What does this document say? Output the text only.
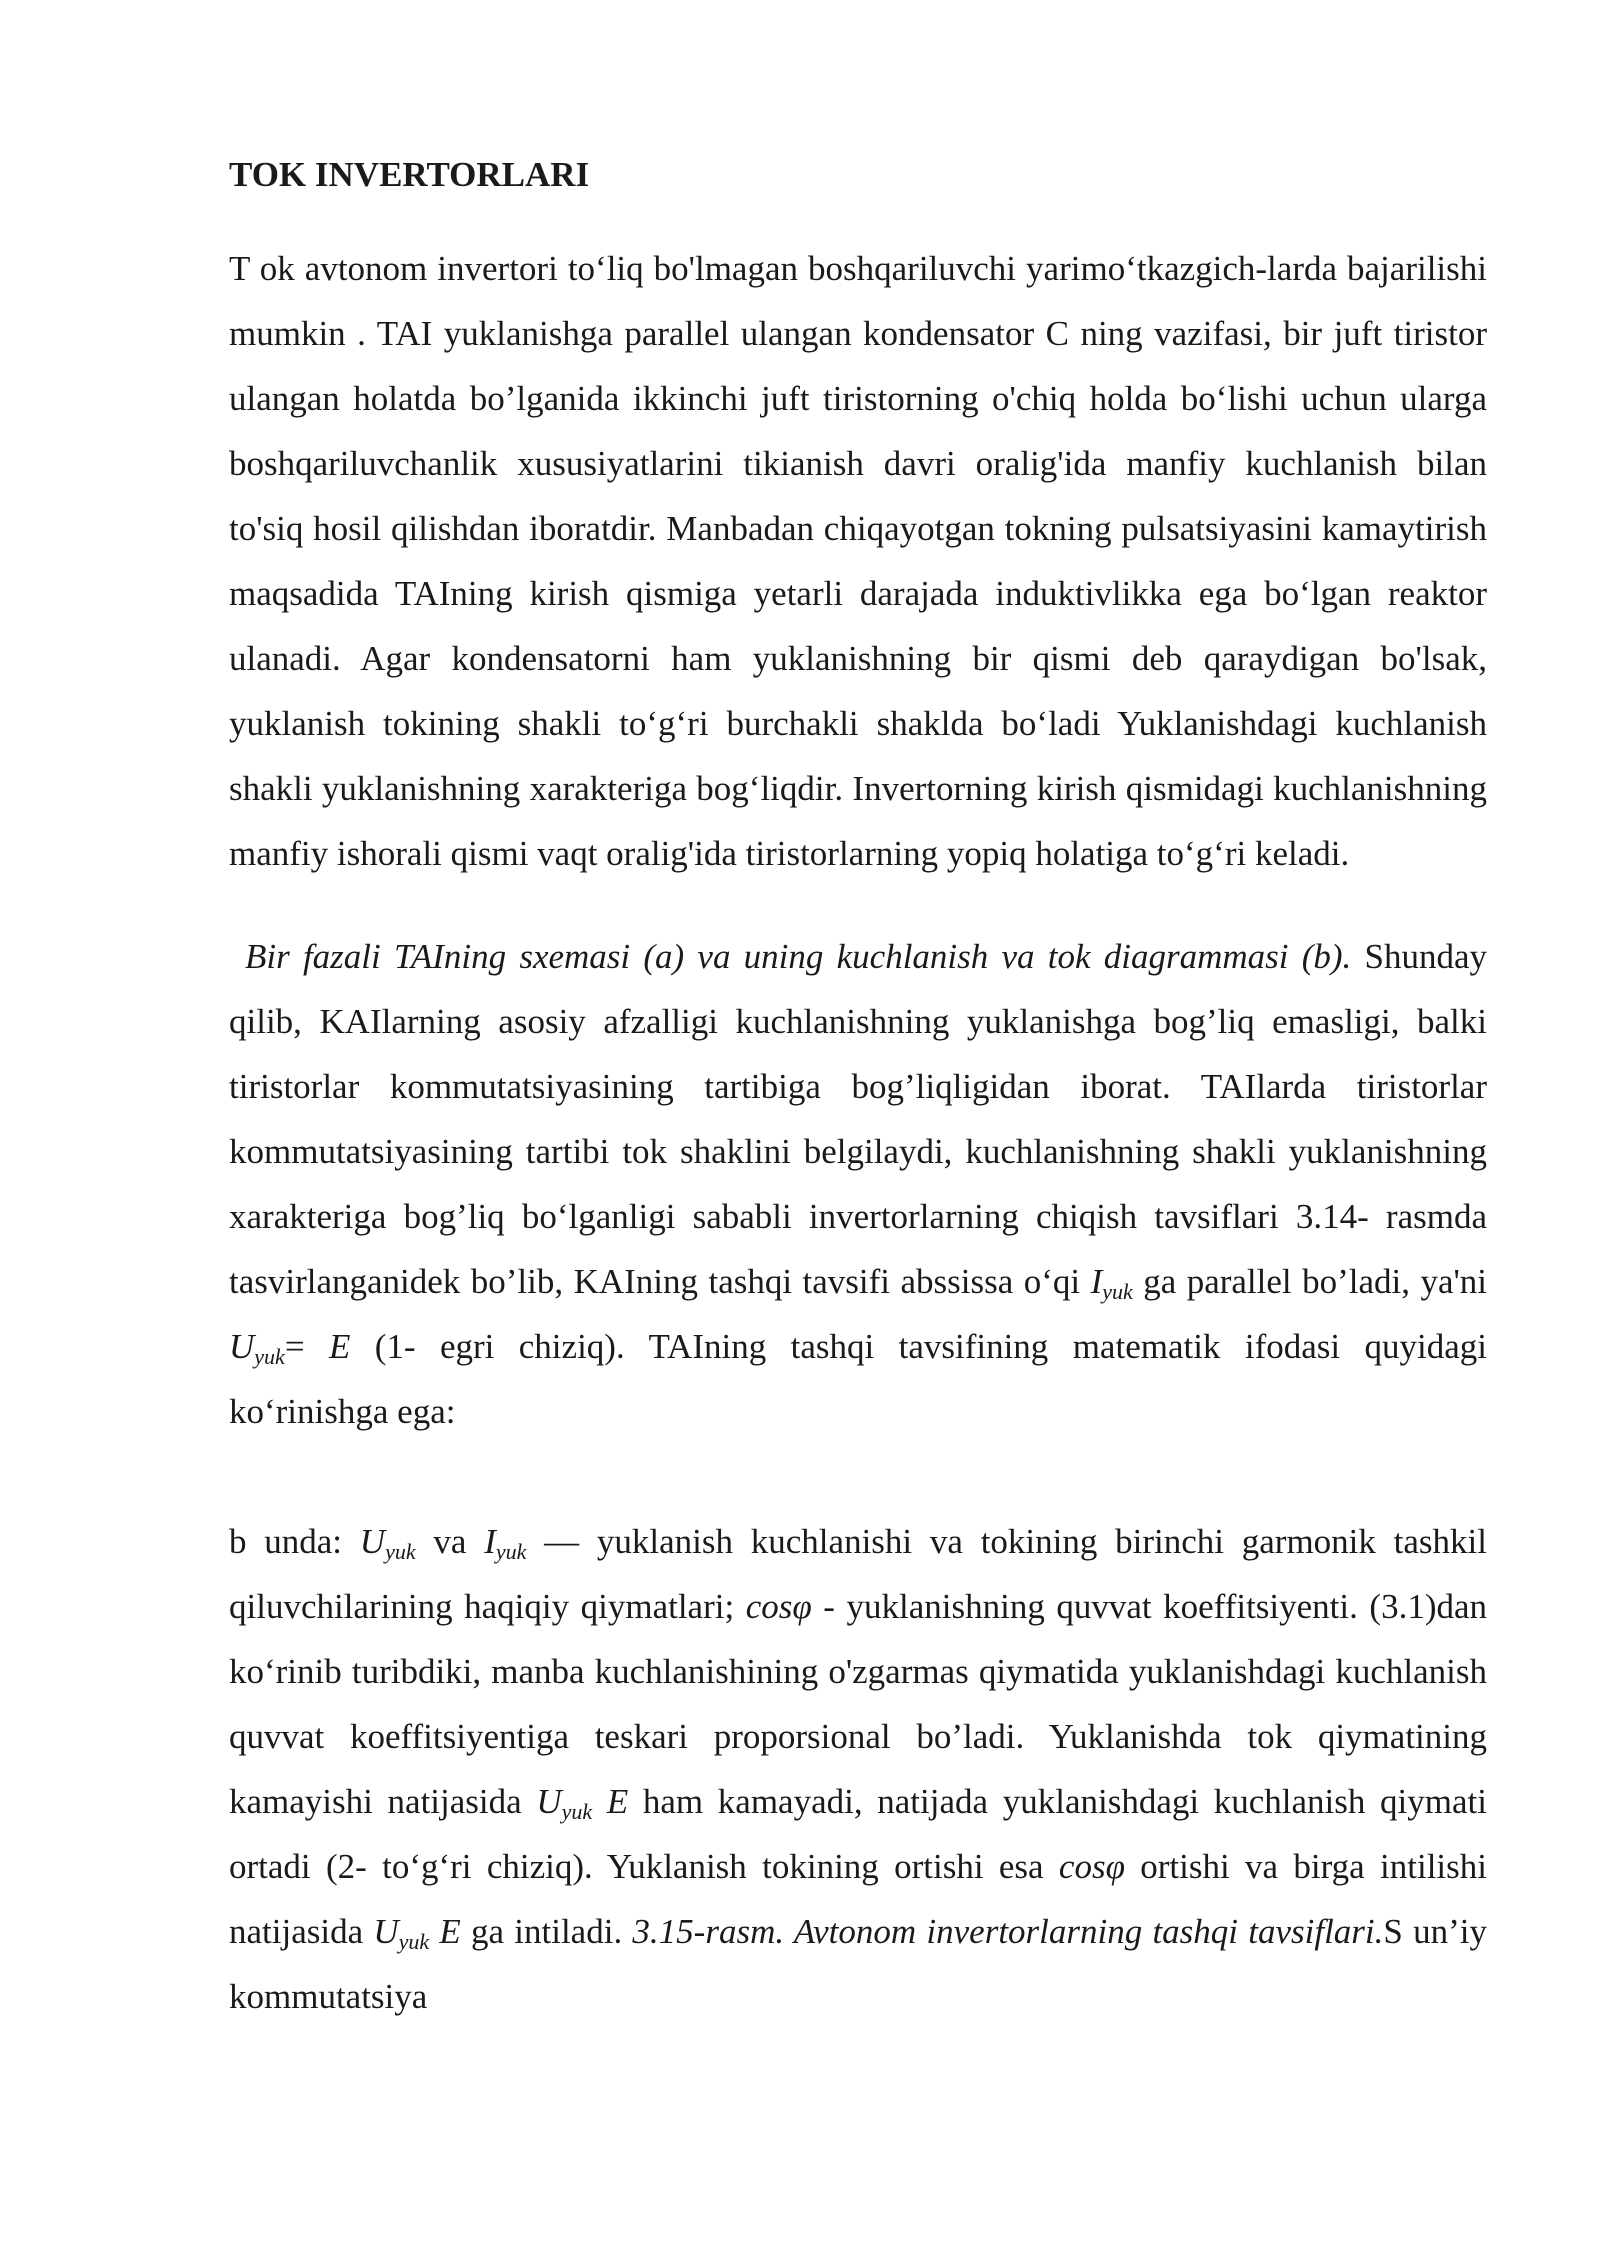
TOK INVERTORLARI

T ok avtonom invertori to‘liq bo'lmagan boshqariluvchi yarimo‘tkazgich-larda bajarilishi mumkin . TAI yuklanishga parallel ulangan kondensator C ning vazifasi, bir juft tiristor ulangan holatda bo’lganida ikkinchi juft tiristorning o'chiq holda bo‘lishi uchun ularga boshqariluvchanlik xususiyatlarini tikianish davri oralig'ida manfiy kuchlanish bilan to'siq hosil qilishdan iboratdir. Manbadan chiqayotgan tokning pulsatsiyasini kamaytirish maqsadida TAIning kirish qismiga yetarli darajada induktivlikka ega bo‘lgan reaktor ulanadi. Agar kondensatorni ham yuklanishning bir qismi deb qaraydigan bo'lsak, yuklanish tokining shakli to‘g‘ri burchakli shaklda bo‘ladi Yuklanishdagi kuchlanish shakli yuklanishning xarakteriga bog‘liqdir. Invertorning kirish qismidagi kuchlanishning manfiy ishorali qismi vaqt oralig'ida tiristorlarning yopiq holatiga to‘g‘ri keladi.

Bir fazali TAIning sxemasi (a) va uning kuchlanish va tok diagrammasi (b). Shunday qilib, KAIlarning asosiy afzalligi kuchlanishning yuklanishga bog’liq emasligi, balki tiristorlar kommutatsiyasining tartibiga bog’liqligidan iborat. TAIlarda tiristorlar kommutatsiyasining tartibi tok shaklini belgilaydi, kuchlanishning shakli yuklanishning xarakteriga bog’liq bo‘lganligi sababli invertorlarning chiqish tavsiflari 3.14- rasmda tasvirlanganidek bo’lib, KAIning tashqi tavsifi abssissa o‘qi $I_{yuk}$ ga parallel bo’ladi, ya'ni $U_{yuk}= E$ (1- egri chiziq). TAIning tashqi tavsifining matematik ifodasi quyidagi ko‘rinishga ega:

b unda: $U_{yuk}$ va $I_{yuk}$ — yuklanish kuchlanishi va tokining birinchi garmonik tashkil qiluvchilarining haqiqiy qiymatlari; cosφ - yuklanishning quvvat koeffitsiyenti. (3.1)dan ko‘rinib turibdiki, manba kuchlanishining o'zgarmas qiymatida yuklanishdagi kuchlanish quvvat koeffitsiyentiga teskari proporsional bo’ladi. Yuklanishda tok qiymatining kamayishi natijasida $U_{yuk}$ E ham kamayadi, natijada yuklanishdagi kuchlanish qiymati ortadi (2- to‘g‘ri chiziq). Yuklanish tokining ortishi esa cosφ ortishi va birga intilishi natijasida $U_{yuk}$ E ga intiladi. 3.15-rasm. Avtonom invertorlarning tashqi tavsiflari.S un’iy kommutatsiya
